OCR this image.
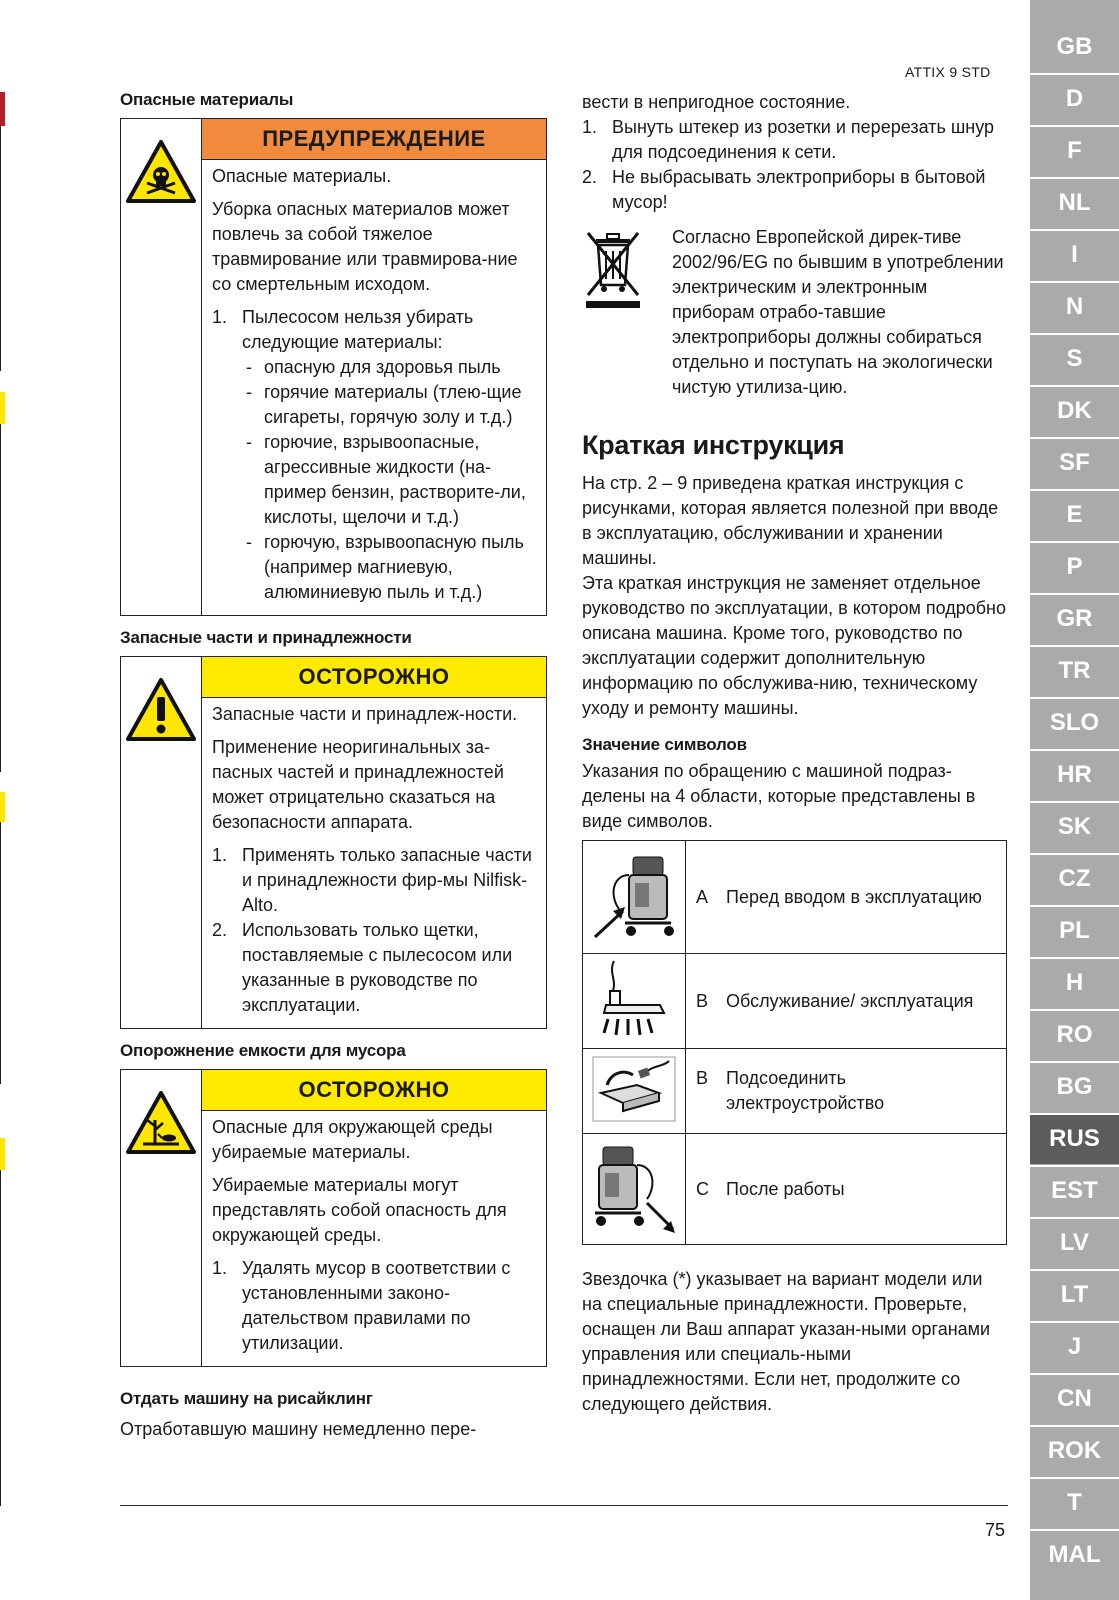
ATTIX 9 STD
Опасные материалы
ПРЕДУПРЕЖДЕНИЕ

Опасные материалы.

Уборка опасных материалов может повлечь за собой тяжелое травмирование или травмирова-ние со смертельным исходом.

1. Пылесосом нельзя убирать следующие материалы:
- опасную для здоровья пыль
- горячие материалы (тлею-щие сигареты, горячую золу и т.д.)
- горючие, взрывоопасные, агрессивные жидкости (на-пример бензин, растворите-ли, кислоты, щелочи и т.д.)
- горючую, взрывоопасную пыль (например магниевую, алюминиевую пыль и т.д.)
Запасные части и принадлежности
ОСТОРОЖНО

Запасные части и принадлеж-ности.

Применение неоригинальных за-пасных частей и принадлежностей может отрицательно сказаться на безопасности аппарата.

1. Применять только запасные части и принадлежности фир-мы Nilfisk-Alto.
2. Использовать только щетки, поставляемые с пылесосом или указанные в руководстве по эксплуатации.
Опорожнение емкости для мусора
ОСТОРОЖНО

Опасные для окружающей среды убираемые материалы.

Убираемые материалы могут представлять собой опасность для окружающей среды.

1. Удалять мусор в соответствии с установленными законо-дательством правилами по утилизации.
Отдать машину на рисайклинг

Отработавшую машину немедленно пере-

вести в непригодное состояние.

1. Вынуть штекер из розетки и перерезать шнур для подсоединения к сети.
2. Не выбрасывать электроприборы в бытовой мусор!

Согласно Европейской дирек-тиве 2002/96/EG по бывшим в употреблении электрическим и электронным приборам отрабо-тавшие электроприборы должны собираться отдельно и поступать на экологически чистую утилиза-цию.

Краткая инструкция

На стр. 2 – 9 приведена краткая инструкция с рисунками, которая является полезной при вводе в эксплуатацию, обслуживании и хранении машины.

Эта краткая инструкция не заменяет отдельное руководство по эксплуатации, в котором подробно описана машина. Кроме того, руководство по эксплуатации содержит дополнительную информацию по обслужива-нию, техническому уходу и ремонту машины.

Значение символов

Указания по обращению с машиной подраз-делены на 4 области, которые представлены в виде символов.

A Перед вводом в эксплуатацию

B Обслуживание/ эксплуатация

B Подсоединить электроустройство

C После работы

Звездочка (*) указывает на вариант модели или на специальные принадлежности. Проверьте, оснащен ли Ваш аппарат указан-ными органами управления или специаль-ными

принадлежностями. Если нет, продолжите со следующего действия.

GB
D
F
NL
I
N
S
DK
SF
E
P
GR
TR
SLO
HR
SK
CZ
PL
H
RO
BG
RUS
EST
LV
LT
J
CN
ROK
T
MAL
75
